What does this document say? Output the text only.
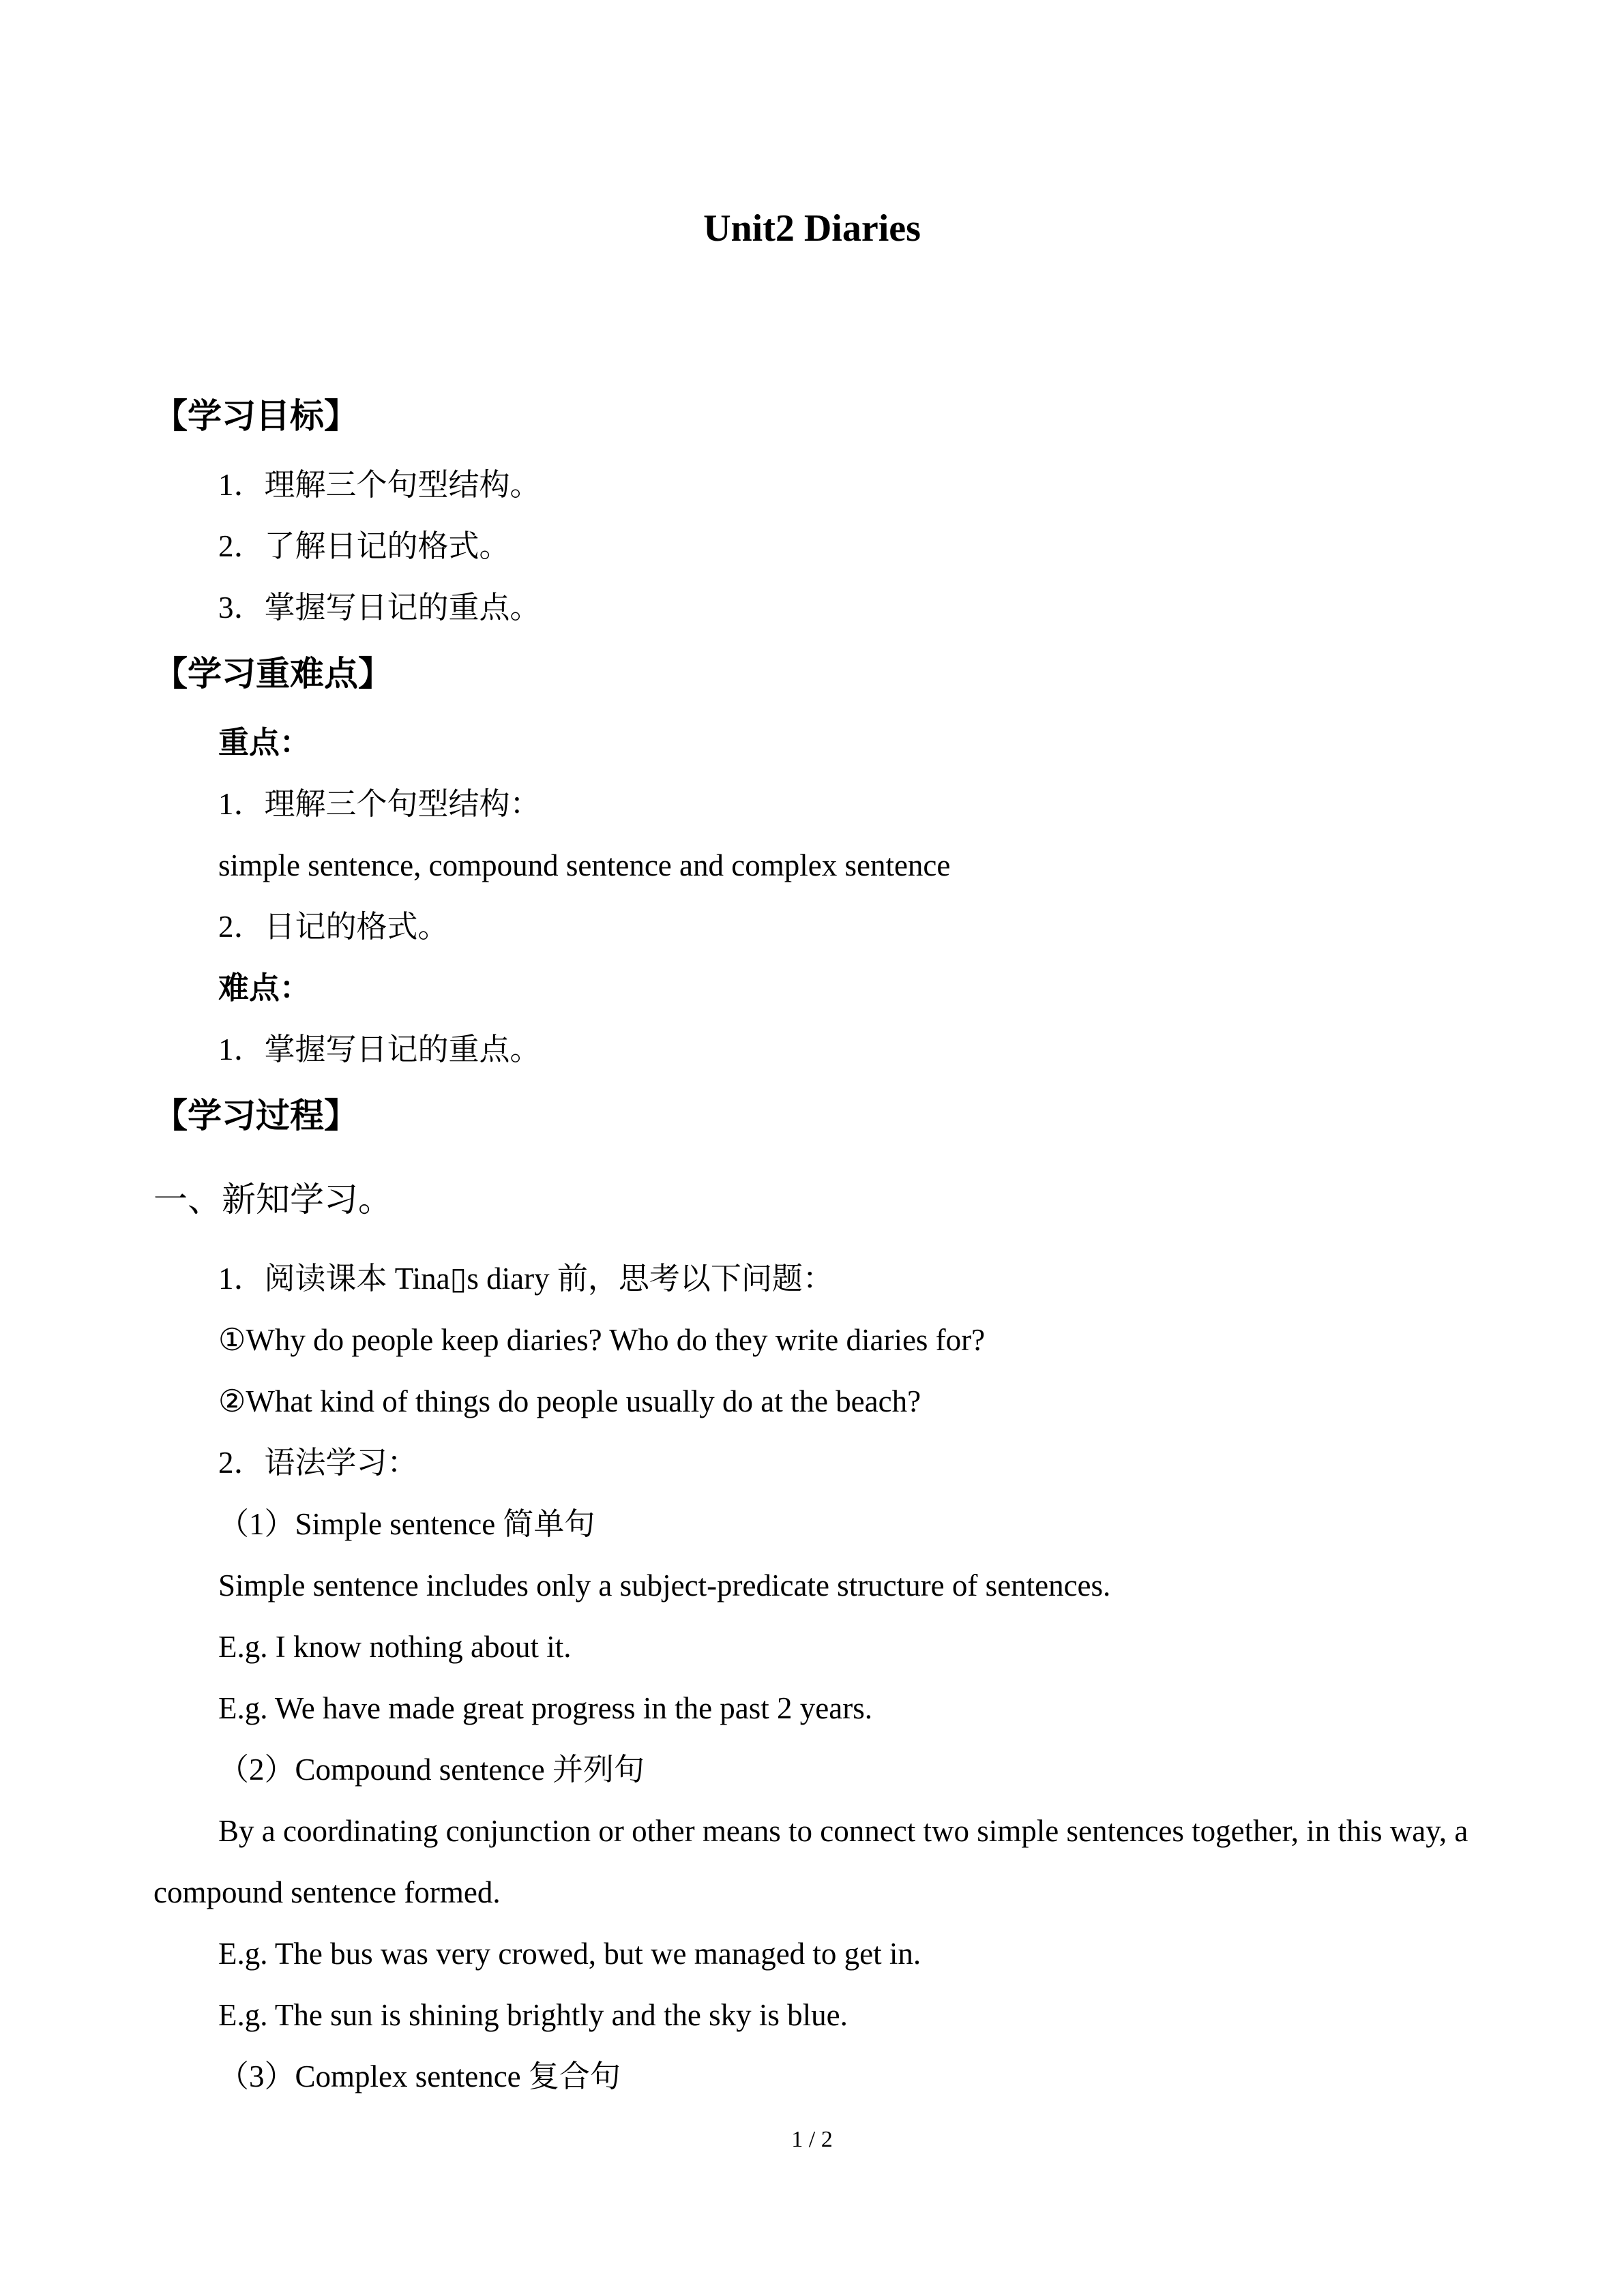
Unit2 Diaries
【学习目标】

1．理解三个句型结构。

2．了解日记的格式。

3．掌握写日记的重点。

【学习重难点】

重点：

1．理解三个句型结构：

simple sentence, compound sentence and complex sentence

2．日记的格式。

难点：

1．掌握写日记的重点。

【学习过程】

一、新知学习。

1．阅读课本 Tina▯s diary 前，思考以下问题：

①Why do people keep diaries? Who do they write diaries for?

②What kind of things do people usually do at the beach?

2．语法学习：

（1）Simple sentence 简单句

Simple sentence includes only a subject-predicate structure of sentences.

E.g. I know nothing about it.

E.g. We have made great progress in the past 2 years.

（2）Compound sentence 并列句

By a coordinating conjunction or other means to connect two simple sentences together, in this way, a compound sentence formed.

E.g. The bus was very crowed, but we managed to get in.

E.g. The sun is shining brightly and the sky is blue.

（3）Complex sentence 复合句

1 / 2
